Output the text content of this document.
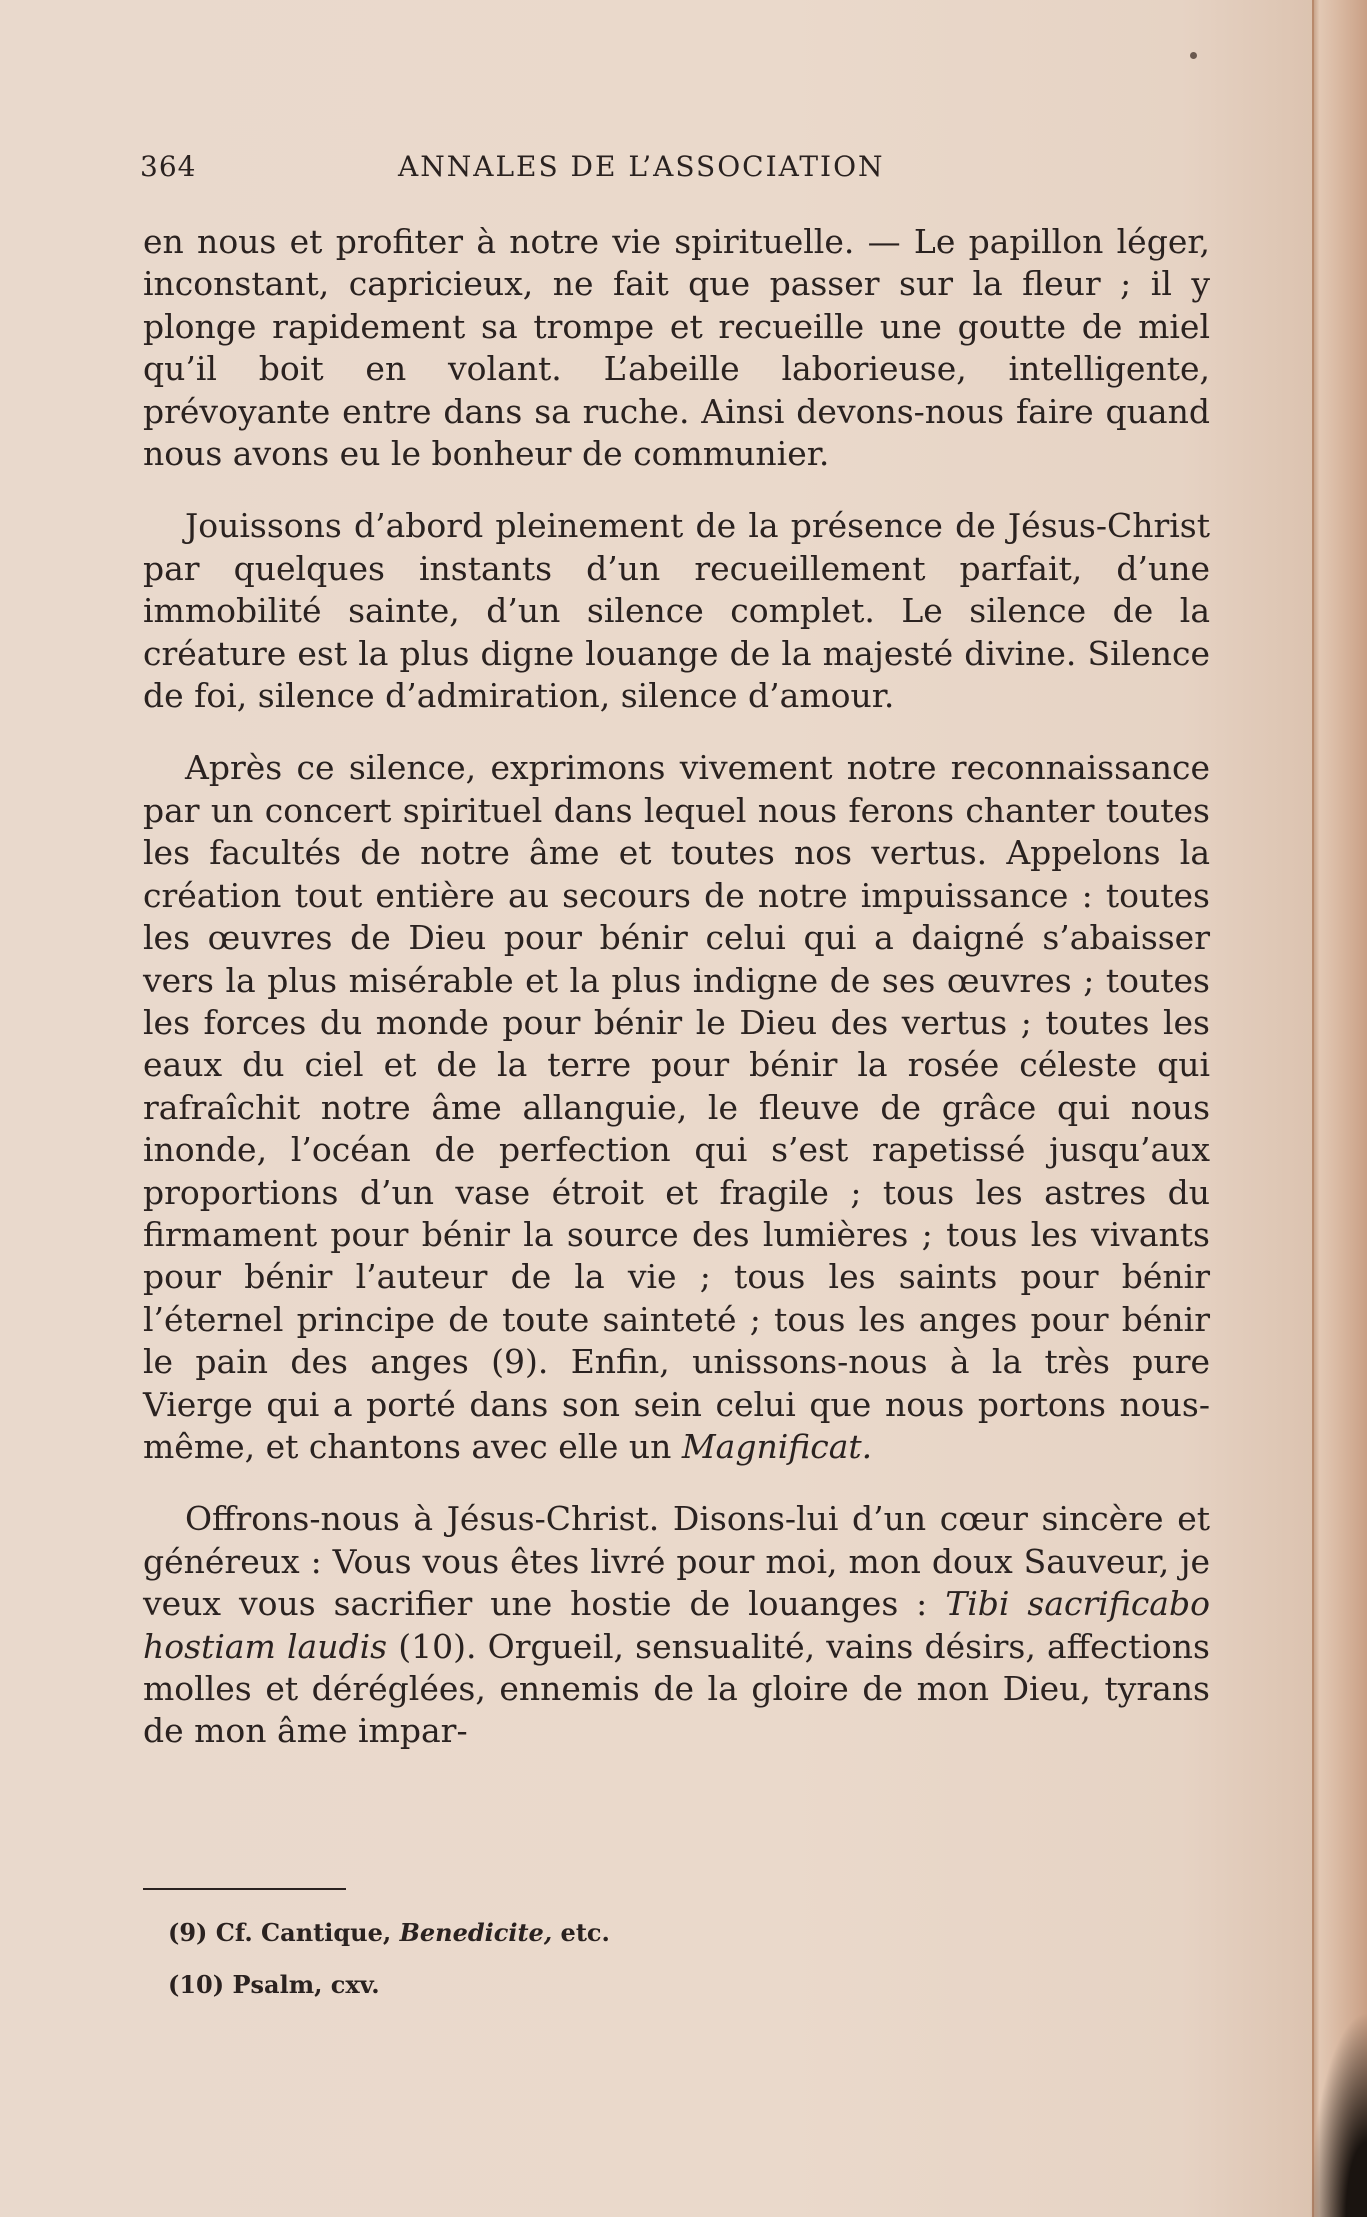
364	ANNALES DE L’ASSOCIATION

en nous et profiter à notre vie spirituelle. — Le papillon léger, inconstant, capricieux, ne fait que passer sur la fleur ; il y plonge rapidement sa trompe et recueille une goutte de miel qu’il boit en volant. L’abeille laborieuse, intelligente, prévoyante entre dans sa ruche. Ainsi devons-nous faire quand nous avons eu le bonheur de communier.

Jouissons d’abord pleinement de la présence de Jésus-Christ par quelques instants d’un recueillement parfait, d’une immobilité sainte, d’un silence complet. Le silence de la créature est la plus digne louange de la majesté divine. Silence de foi, silence d’admiration, silence d’amour.

Après ce silence, exprimons vivement notre reconnaissance par un concert spirituel dans lequel nous ferons chanter toutes les facultés de notre âme et toutes nos vertus. Appelons la création tout entière au secours de notre impuissance : toutes les œuvres de Dieu pour bénir celui qui a daigné s’abaisser vers la plus misérable et la plus indigne de ses œuvres ; toutes les forces du monde pour bénir le Dieu des vertus ; toutes les eaux du ciel et de la terre pour bénir la rosée céleste qui rafraîchit notre âme allanguie, le fleuve de grâce qui nous inonde, l’océan de perfection qui s’est rapetissé jusqu’aux proportions d’un vase étroit et fragile ; tous les astres du firmament pour bénir la source des lumières ; tous les vivants pour bénir l’auteur de la vie ; tous les saints pour bénir l’éternel principe de toute sainteté ; tous les anges pour bénir le pain des anges (9). Enfin, unissons-nous à la très pure Vierge qui a porté dans son sein celui que nous portons nous-même, et chantons avec elle un Magnificat.

Offrons-nous à Jésus-Christ. Disons-lui d’un cœur sincère et généreux : Vous vous êtes livré pour moi, mon doux Sauveur, je veux vous sacrifier une hostie de louanges : Tibi sacrificabo hostiam laudis (10). Orgueil, sensualité, vains désirs, affections molles et déréglées, ennemis de la gloire de mon Dieu, tyrans de mon âme impar-

(9) Cf. Cantique, Benedicite, etc.
(10) Psalm, cxv.
